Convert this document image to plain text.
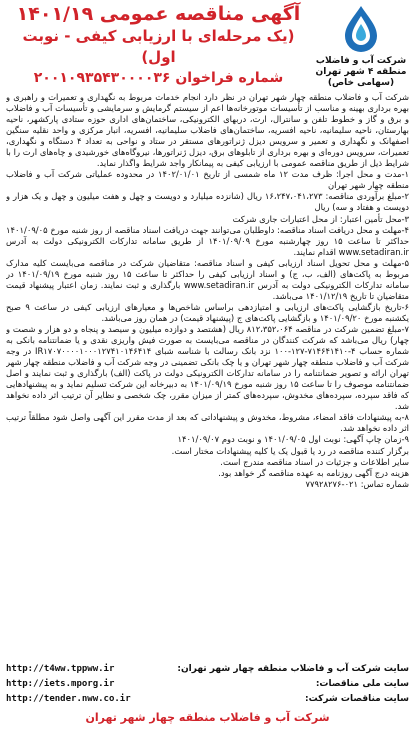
شرکت آب و فاضلاب منطقه ۴ شهر تهران (سهامی خاص)
آگهی مناقصه عمومی ۱۴۰۱/۱۹
(یک مرحله‌ای با ارزیابی کیفی - نوبت اول)
شماره فراخوان ۲۰۰۱۰۹۳۵۴۳۰۰۰۰۳۶

شرکت آب و فاضلاب منطقه چهار شهر تهران در نظر دارد انجام خدمات مربوط به نگهداری و تعمیرات و راهبری و بهره برداری بهینه و مناسب از تأسیسات موتورخانه‌ها اعم از سیستم گرمایش و سرمایشی و تأسیسات آب و فاضلاب و برق و گاز و خطوط تلفن و سانترال، ارت، دربهای الکترونیکی، ساختمان‌های اداری حوزه ستادی پارکشهر، ناحیه بهارستان، ناحیه سلیمانیه، ناحیه افسریه، ساختمان‌های فاضلاب سلیمانیه، افسریه، انبار مرکزی و واحد نقلیه سنگین اصفهانک و نگهداری و تعمیر و سرویس دیزل ژنراتورهای مستقر در ستاد و نواحی به تعداد ۴ دستگاه و نگهداری، تعمیرات، سرویس دوره‌ای و بهره برداری از تابلوهای برق، دیزل ژنراتورها، نیروگاه‌های خورشیدی و چاه‌های ارت را با شرایط ذیل از طریق مناقصه عمومی با ارزیابی کیفی به پیمانکار واجد شرایط واگذار نماید.

۱-مدت و محل اجرا: ظرف مدت ۱۲ ماه شمسی از تاریخ ۱۴۰۲/۰۱/۰۱ در محدوده عملیاتی شرکت آب و فاضلاب منطقه چهار شهر تهران

۲-مبلغ برآوردی مناقصه: ۱۶،۲۴۷،۰۴۱،۲۷۳ ریال (شانزده میلیارد و دویست و چهل و هفت میلیون و چهل و یک هزار و دویست و هفتاد و سه) ریال

۳-محل تأمین اعتبار: از محل اعتبارات جاری شرکت

۴-مهلت و محل دریافت اسناد مناقصه: داوطلبان می‌توانند جهت دریافت اسناد مناقصه از روز شنبه مورخ ۱۴۰۱/۰۹/۰۵ حداکثر تا ساعت ۱۵ روز چهارشنبه مورخ ۱۴۰۱/۰۹/۰۹ از طریق سامانه تدارکات الکترونیکی دولت به آدرس www.setadiran.ir اقدام نمایند.

۵-مهلت و محل تحویل اسناد ارزیابی کیفی و اسناد مناقصه: متقاضیان شرکت در مناقصه می‌بایست کلیه مدارک مربوط به پاکت‌های (الف، ب، ج) و اسناد ارزیابی کیفی را حداکثر تا ساعت ۱۵ روز شنبه مورخ ۱۴۰۱/۰۹/۱۹ در سامانه تدارکات الکترونیکی دولت به آدرس www.setadiran.ir بارگذاری و ثبت نمایند. زمان اعتبار پیشنهاد قیمت متقاضیان تا تاریخ ۱۴۰۱/۱۲/۱۹ می‌باشد.

۶-تاریخ بازگشایی پاکت‌های ارزیابی و امتیازدهی براساس شاخص‌ها و معیارهای ارزیابی کیفی در ساعت ۹ صبح یکشنبه مورخ ۱۴۰۱/۰۹/۲۰ و بازگشایی پاکت‌های ج (پیشنهاد قیمت) در همان روز می‌باشد.

۷-مبلغ تضمین شرکت در مناقصه ۸۱۲،۳۵۲،۰۶۴ ریال (هشتصد و دوازده میلیون و سیصد و پنجاه و دو هزار و شصت و چهار) ریال می‌باشد که شرکت کنندگان در مناقصه می‌بایست به صورت فیش واریزی نقدی و یا ضمانتنامه بانکی به شماره حساب ۴-۷۱۴۶۴۱۴۱۰-۱۲۷-۱۰۰ نزد بانک رسالت با شناسه شبای IR۱۷۰۷۰۰۰۰۱۰۰۰۱۲۷۴۱۰۱۴۶۴۱۴ در وجه شرکت آب و فاضلاب منطقه چهار شهر تهران و یا چک بانکی تضمینی در وجه شرکت آب و فاضلاب منطقه چهار شهر تهران ارائه و تصویر ضمانتنامه را در سامانه تدارکات الکترونیکی دولت در پاکت (الف) بارگذاری و ثبت نمایند و اصل ضمانتنامه موصوف را تا ساعت ۱۵ روز شنبه مورخ ۱۴۰۱/۰۹/۱۹ به دبیرخانه این شرکت تسلیم نماید و به پیشنهادهایی که فاقد سپرده، سپرده‌های مخدوش، سپرده‌های کمتر از میزان مقرر، چک شخصی و نظایر آن ترتیب اثر داده نخواهد شد.

۸-به پیشنهادات فاقد امضاء، مشروط، مخدوش و پیشنهاداتی که بعد از مدت مقرر این آگهی واصل شود مطلقاً ترتیب اثر داده نخواهد شد.

۹-زمان چاپ آگهی: نوبت اول ۱۴۰۱/۰۹/۰۵ و نوبت دوم ۱۴۰۱/۰۹/۰۷

برگزار کننده مناقصه در رد یا قبول یک یا کلیه پیشنهادات مختار است.

سایر اطلاعات و جزئیات در اسناد مناقصه مندرج است.

هزینه درج آگهی روزنامه به عهده مناقصه گر خواهد بود.

شماره تماس: ۰۲۱-۷۷۹۲۸۲۷۶

سایت شرکت آب و فاضلاب منطقه چهار شهر تهران:
http://t4ww.tppww.ir
سایت ملی مناقصات:
http://iets.mporg.ir
سایت مناقصات شرکت:
http://tender.nww.co.ir
شرکت آب و فاضلاب منطقه چهار شهر تهران
